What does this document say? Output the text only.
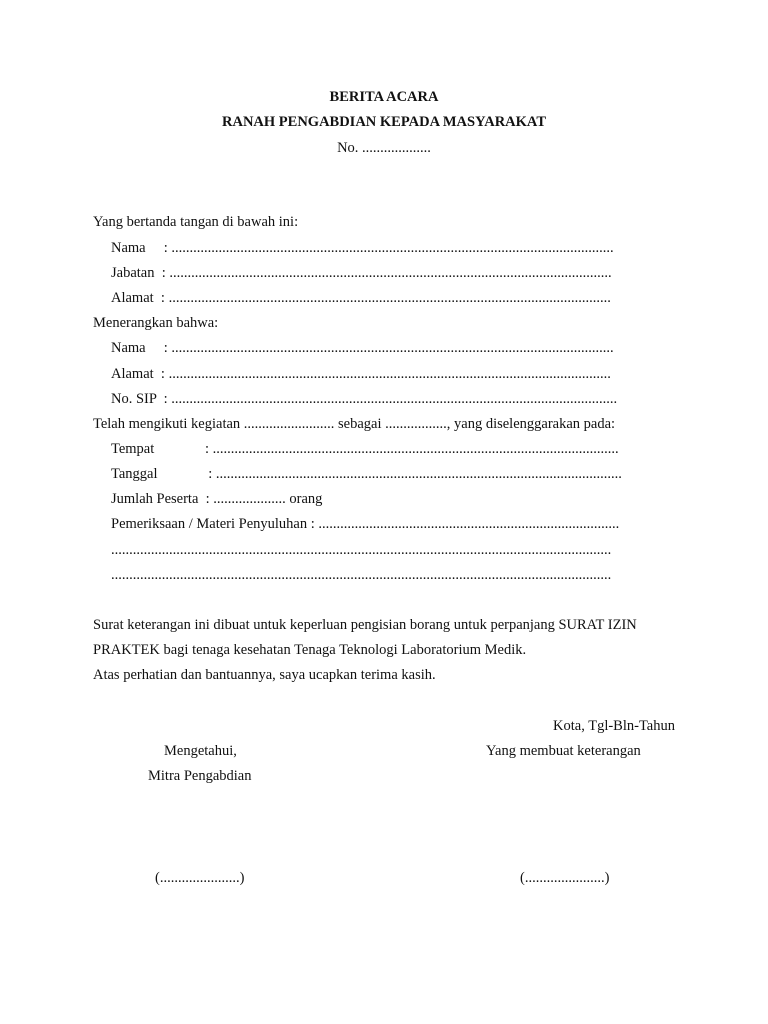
BERITA ACARA
RANAH PENGABDIAN KEPADA MASYARAKAT
No. ...................
Yang bertanda tangan di bawah ini:
Nama     : ..........................................................................................................................
Jabatan  : ..........................................................................................................................
Alamat  : ..........................................................................................................................
Menerangkan bahwa:
Nama     : ..........................................................................................................................
Alamat  : ..........................................................................................................................
No. SIP  : ...........................................................................................................................
Telah mengikuti kegiatan ......................... sebagai ................., yang diselenggarakan pada:
Tempat              : ................................................................................................................
Tanggal              : ................................................................................................................
Jumlah Peserta  : .................... orang
Pemeriksaan / Materi Penyuluhan : ...................................................................................
..........................................................................................................................................
..........................................................................................................................................
Surat keterangan ini dibuat untuk keperluan pengisian borang untuk perpanjang SURAT IZIN
PRAKTEK bagi tenaga kesehatan Tenaga Teknologi Laboratorium Medik.
Atas perhatian dan bantuannya, saya ucapkan terima kasih.
Kota, Tgl-Bln-Tahun
Mengetahui,	Yang membuat keterangan
Mitra Pengabdian
(......................)	(......................)
